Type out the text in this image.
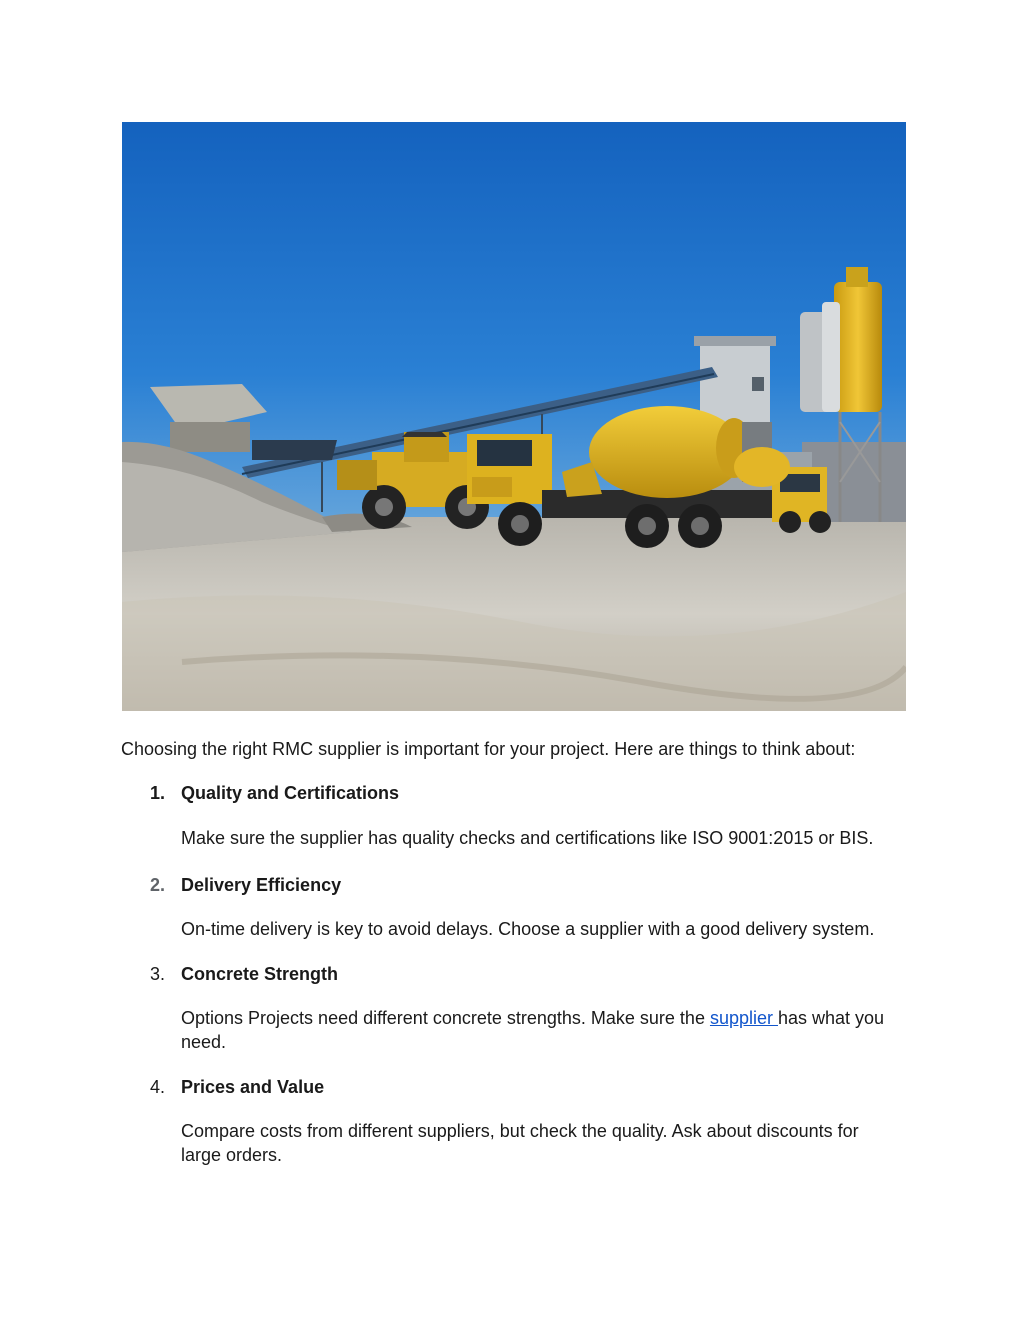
Choosing the right RMC supplier is important for your project. Here are things to think about:

1. Quality and Certifications

Make sure the supplier has quality checks and certifications like ISO 9001:2015 or BIS.

2. Delivery Efficiency

On-time delivery is key to avoid delays. Choose a supplier with a good delivery system.

3. Concrete Strength

Options Projects need different concrete strengths. Make sure the supplier has what you need.

4. Prices and Value

Compare costs from different suppliers, but check the quality. Ask about discounts for large orders.
